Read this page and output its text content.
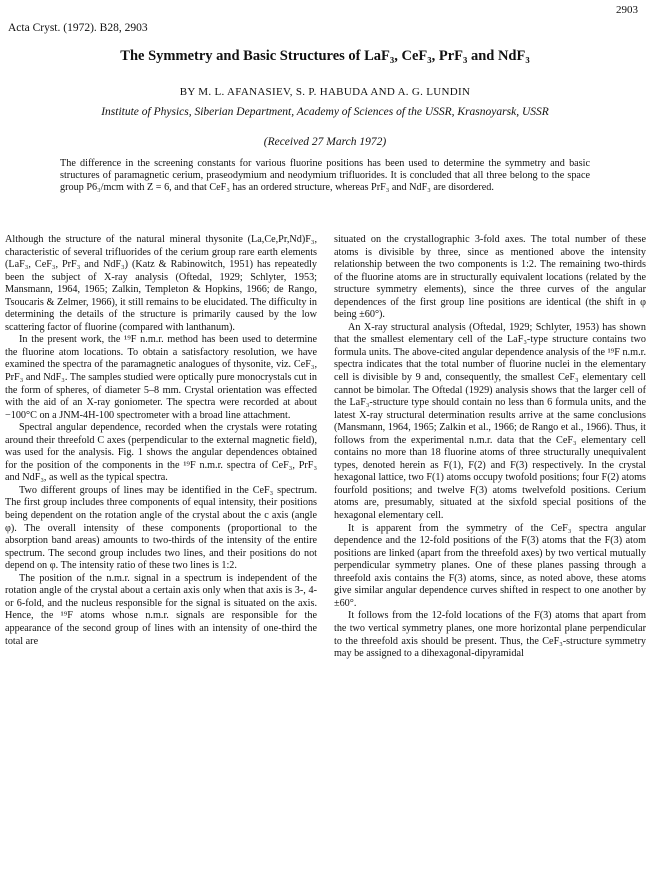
2903
Acta Cryst. (1972). B28, 2903
The Symmetry and Basic Structures of LaF₃, CeF₃, PrF₃ and NdF₃
BY M. L. AFANASIEV, S. P. HABUDA AND A. G. LUNDIN
Institute of Physics, Siberian Department, Academy of Sciences of the USSR, Krasnoyarsk, USSR
(Received 27 March 1972)

The difference in the screening constants for various fluorine positions has been used to determine the symmetry and basic structures of paramagnetic cerium, praseodymium and neodymium trifluorides. It is concluded that all three belong to the space group P6₃/mcm with Z = 6, and that CeF₃ has an ordered structure, whereas PrF₃ and NdF₃ are disordered.

Although the structure of the natural mineral thysonite (La,Ce,Pr,Nd)F₃, characteristic of several trifluorides of the cerium group rare earth elements (LaF₃, CeF₃, PrF₃ and NdF₃) (Katz & Rabinowitch, 1951) has repeatedly been the subject of X-ray analysis (Oftedal, 1929; Schlyter, 1953; Mansmann, 1964, 1965; Zalkin, Templeton & Hopkins, 1966; de Rango, Tsoucaris & Zelmer, 1966), it still remains to be elucidated. The difficulty in determining the details of the structure is primarily caused by the low scattering factor of fluorine (compared with lanthanum).

In the present work, the ¹⁹F n.m.r. method has been used to determine the fluorine atom locations. To obtain a satisfactory resolution, we have examined the spectra of the paramagnetic analogues of thysonite, viz. CeF₃, PrF₃ and NdF₃. The samples studied were optically pure monocrystals cut in the form of spheres, of diameter 5–8 mm. Crystal orientation was effected with the aid of an X-ray goniometer. The spectra were recorded at about −100°C on a JNM-4H-100 spectrometer with a broad line attachment.

Spectral angular dependence, recorded when the crystals were rotating around their threefold C axes (perpendicular to the external magnetic field), was used for the analysis. Fig. 1 shows the angular dependences obtained for the position of the components in the ¹⁹F n.m.r. spectra of CeF₃, PrF₃ and NdF₃, as well as the typical spectra.

Two different groups of lines may be identified in the CeF₃ spectrum. The first group includes three components of equal intensity, their positions being dependent on the rotation angle of the crystal about the c axis (angle φ). The overall intensity of these components (proportional to the absorption band areas) amounts to two-thirds of the intensity of the entire spectrum. The second group includes two lines, and their positions do not depend on φ. The intensity ratio of these two lines is 1:2.

The position of the n.m.r. signal in a spectrum is independent of the rotation angle of the crystal about a certain axis only when that axis is 3-, 4- or 6-fold, and the nucleus responsible for the signal is situated on the axis. Hence, the ¹⁹F atoms whose n.m.r. signals are responsible for the appearance of the second group of lines with an intensity of one-third the total are

situated on the crystallographic 3-fold axes. The total number of these atoms is divisible by three, since as mentioned above the intensity relationship between the two components is 1:2. The remaining two-thirds of the fluorine atoms are in structurally equivalent locations (related by the structure symmetry elements), since the three curves of the angular dependences of the first group line positions are identical (the shift in φ being ±60°).

An X-ray structural analysis (Oftedal, 1929; Schlyter, 1953) has shown that the smallest elementary cell of the LaF₃-type structure contains two formula units. The above-cited angular dependence analysis of the ¹⁹F n.m.r. spectra indicates that the total number of fluorine nuclei in the elementary cell is divisible by 9 and, consequently, the smallest CeF₃ elementary cell cannot be bimolar. The Oftedal (1929) analysis shows that the larger cell of the LaF₃-structure type should contain no less than 6 formula units, and the latest X-ray structural determination results arrive at the same conclusions (Mansmann, 1964, 1965; Zalkin et al., 1966; de Rango et al., 1966). Thus, it follows from the experimental n.m.r. data that the CeF₃ elementary cell contains no more than 18 fluorine atoms of three structurally unequivalent types, denoted herein as F(1), F(2) and F(3) respectively. In the crystal hexagonal lattice, two F(1) atoms occupy twofold positions; four F(2) atoms fourfold positions; and twelve F(3) atoms twelvefold positions. Cerium atoms are, presumably, situated at the sixfold special positions of the hexagonal elementary cell.

It is apparent from the symmetry of the CeF₃ spectra angular dependence and the 12-fold positions of the F(3) atoms that the F(3) atom positions are linked (apart from the threefold axes) by two vertical mutually perpendicular symmetry planes. One of these planes passing through a threefold axis contains the F(3) atoms, since, as noted above, these atoms give similar angular dependence curves shifted in respect to one another by ±60°.

It follows from the 12-fold locations of the F(3) atoms that apart from the two vertical symmetry planes, one more horizontal plane perpendicular to the threefold axis should be present. Thus, the CeF₃-structure symmetry may be assigned to a dihexagonal-dipyramidal
